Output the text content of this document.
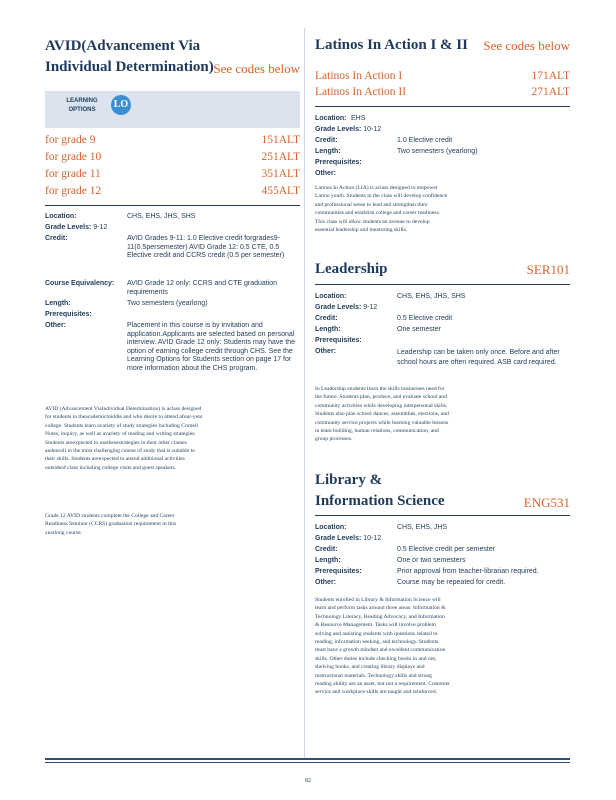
AVID(Advancement Via
Individual Determination) See codes below
LEARNING OPTIONS	LO
for grade 9	151ALT
for grade 10	251ALT
for grade 11	351ALT
for grade 12	455ALT
Location:	CHS, EHS, JHS, SHS
Grade Levels: 9-12
Credit:	AVID Grades 9-11: 1.0 Elective credit forgrades9-11(0.5persemester) AVID Grade 12: 0.5 CTE, 0.5 Elective credit and CCRS credit (0.5 per semester)
Course Equivalency: AVID Grade 12 only: CCRS and CTE graduation requirements
Length:	Two semesters (yearlong)
Prerequisites:
Other:	Placement in this course is by invitation and application.Applicants are selected based on personal interview. AVID Grade 12 only: Students may have the option of earning college credit through CHS. See the Learning Options for Students section on page 17 for more information about the CHS program.
AVID (Advancement ViaIndividual Determination) is aclass designed for students in theacademicmiddle and who desire to attend afour-year college. Students learn avariety of study strategies including Cornell Notes, inquiry, as well as avariety of reading and writing strategies. Students areexpected to usethesestrategies in their other classes andenroll in the most challenging course of study that is suitable to their skills. Students areexpected to attend additional activities outsideof class including college visits and guest speakers.
Grade 12 AVID students complete the College and Career Readiness Seminar (CCRS) graduation requirement in this yearlong course.
Latinos In Action I & II See codes below
Latinos In Action I	171ALT
Latinos In Action II	271ALT
Location: EHS
Grade Levels: 10-12
Credit:	1.0 Elective credit
Length:	Two semesters (yearlong)
Prerequisites:
Other:
Latinos In Action (LIA) is aclass designed to empower Latino youth. Students in the class will develop confidence and professional sense to lead and strengthen their communities and establish college and career readiness. This class will allow students an avenue to develop essential leadership and mentoring skills.
Leadership	SER101
Location:	CHS, EHS, JHS, SHS
Grade Levels: 9-12
Credit:	0.5 Elective credit
Length:	One semester
Prerequisites:
Other:	Leadership can be taken only once. Before and after school hours are often required. ASB card required.
In Leadership students learn the skills businesses need for the future. Students plan, produce, and evaluate school and community activities while developing interpersonal skills. Students also plan school dances, assemblies, elections, and community service projects while learning valuable lessons in team building, human relations, communication, and group processes.
Library &
Information Science	ENG531
Location:	CHS, EHS, JHS
Grade Levels: 10-12
Credit:	0.5 Elective credit per semester
Length:	One or two semesters
Prerequisites:	Prior approval from teacher-librarian required.
Other:	Course may be repeated for credit.
Students enrolled in Library & Information Science will learn and perform tasks around three areas: Information & Technology Literacy, Reading Advocacy, and Information & Resource Management. Tasks will involve problem solving and assisting students with questions related to reading, information seeking, and technology. Students must have a growth mindset and excellent communication skills. Other duties include checking books in and out, shelving books, and creating library displays and instructional materials. Technology skills and strong reading ability are an asset, but not a requirement. Customer service and workplace skills are taught and reinforced.
82
